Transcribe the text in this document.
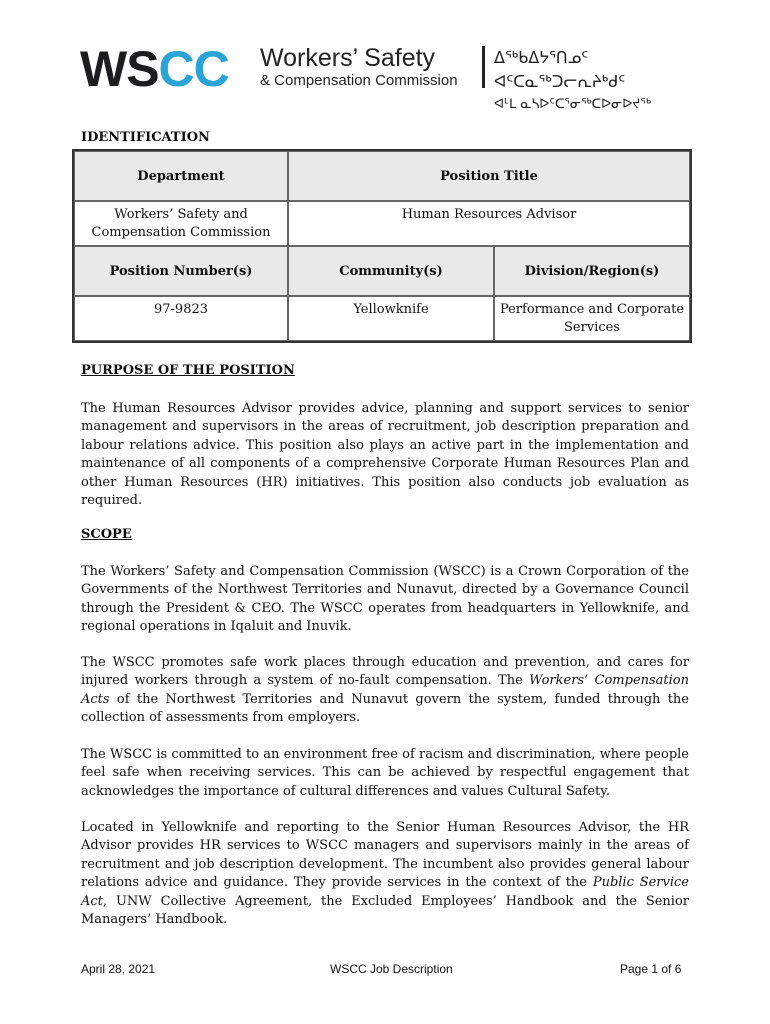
WSCC Workers’ Safety
& Compensation Commission
ᐃᖅᑲᐃᔭᕐᑎᓄᑦ ᐊᑦᑕᓇᖅᑐᓕᕆᔨᒃᑯᑦ
ᐊᒻᒪ ᓇᓴᐅᑦᑕᕐᓂᖅᑕᐅᓂᐅᔪᖅ
IDENTIFICATION
Department	Position Title	
Workers’ Safety and Compensation Commission	Human Resources Advisor	
Position Number(s)	Community(s)	Division/Region(s)
97-9823	Yellowknife	Performance and Corporate Services
PURPOSE OF THE POSITION
The Human Resources Advisor provides advice, planning and support services to senior management and supervisors in the areas of recruitment, job description preparation and labour relations advice. This position also plays an active part in the implementation and maintenance of all components of a comprehensive Corporate Human Resources Plan and other Human Resources (HR) initiatives. This position also conducts job evaluation as required.
SCOPE
The Workers’ Safety and Compensation Commission (WSCC) is a Crown Corporation of the Governments of the Northwest Territories and Nunavut, directed by a Governance Council through the President & CEO. The WSCC operates from headquarters in Yellowknife, and regional operations in Iqaluit and Inuvik.
The WSCC promotes safe work places through education and prevention, and cares for injured workers through a system of no-fault compensation. The Workers’ Compensation Acts of the Northwest Territories and Nunavut govern the system, funded through the collection of assessments from employers.
The WSCC is committed to an environment free of racism and discrimination, where people feel safe when receiving services. This can be achieved by respectful engagement that acknowledges the importance of cultural differences and values Cultural Safety.
Located in Yellowknife and reporting to the Senior Human Resources Advisor, the HR Advisor provides HR services to WSCC managers and supervisors mainly in the areas of recruitment and job description development. The incumbent also provides general labour relations advice and guidance. They provide services in the context of the Public Service Act, UNW Collective Agreement, the Excluded Employees’ Handbook and the Senior Managers’ Handbook.
April 28, 2021	WSCC Job Description	Page 1 of 6
